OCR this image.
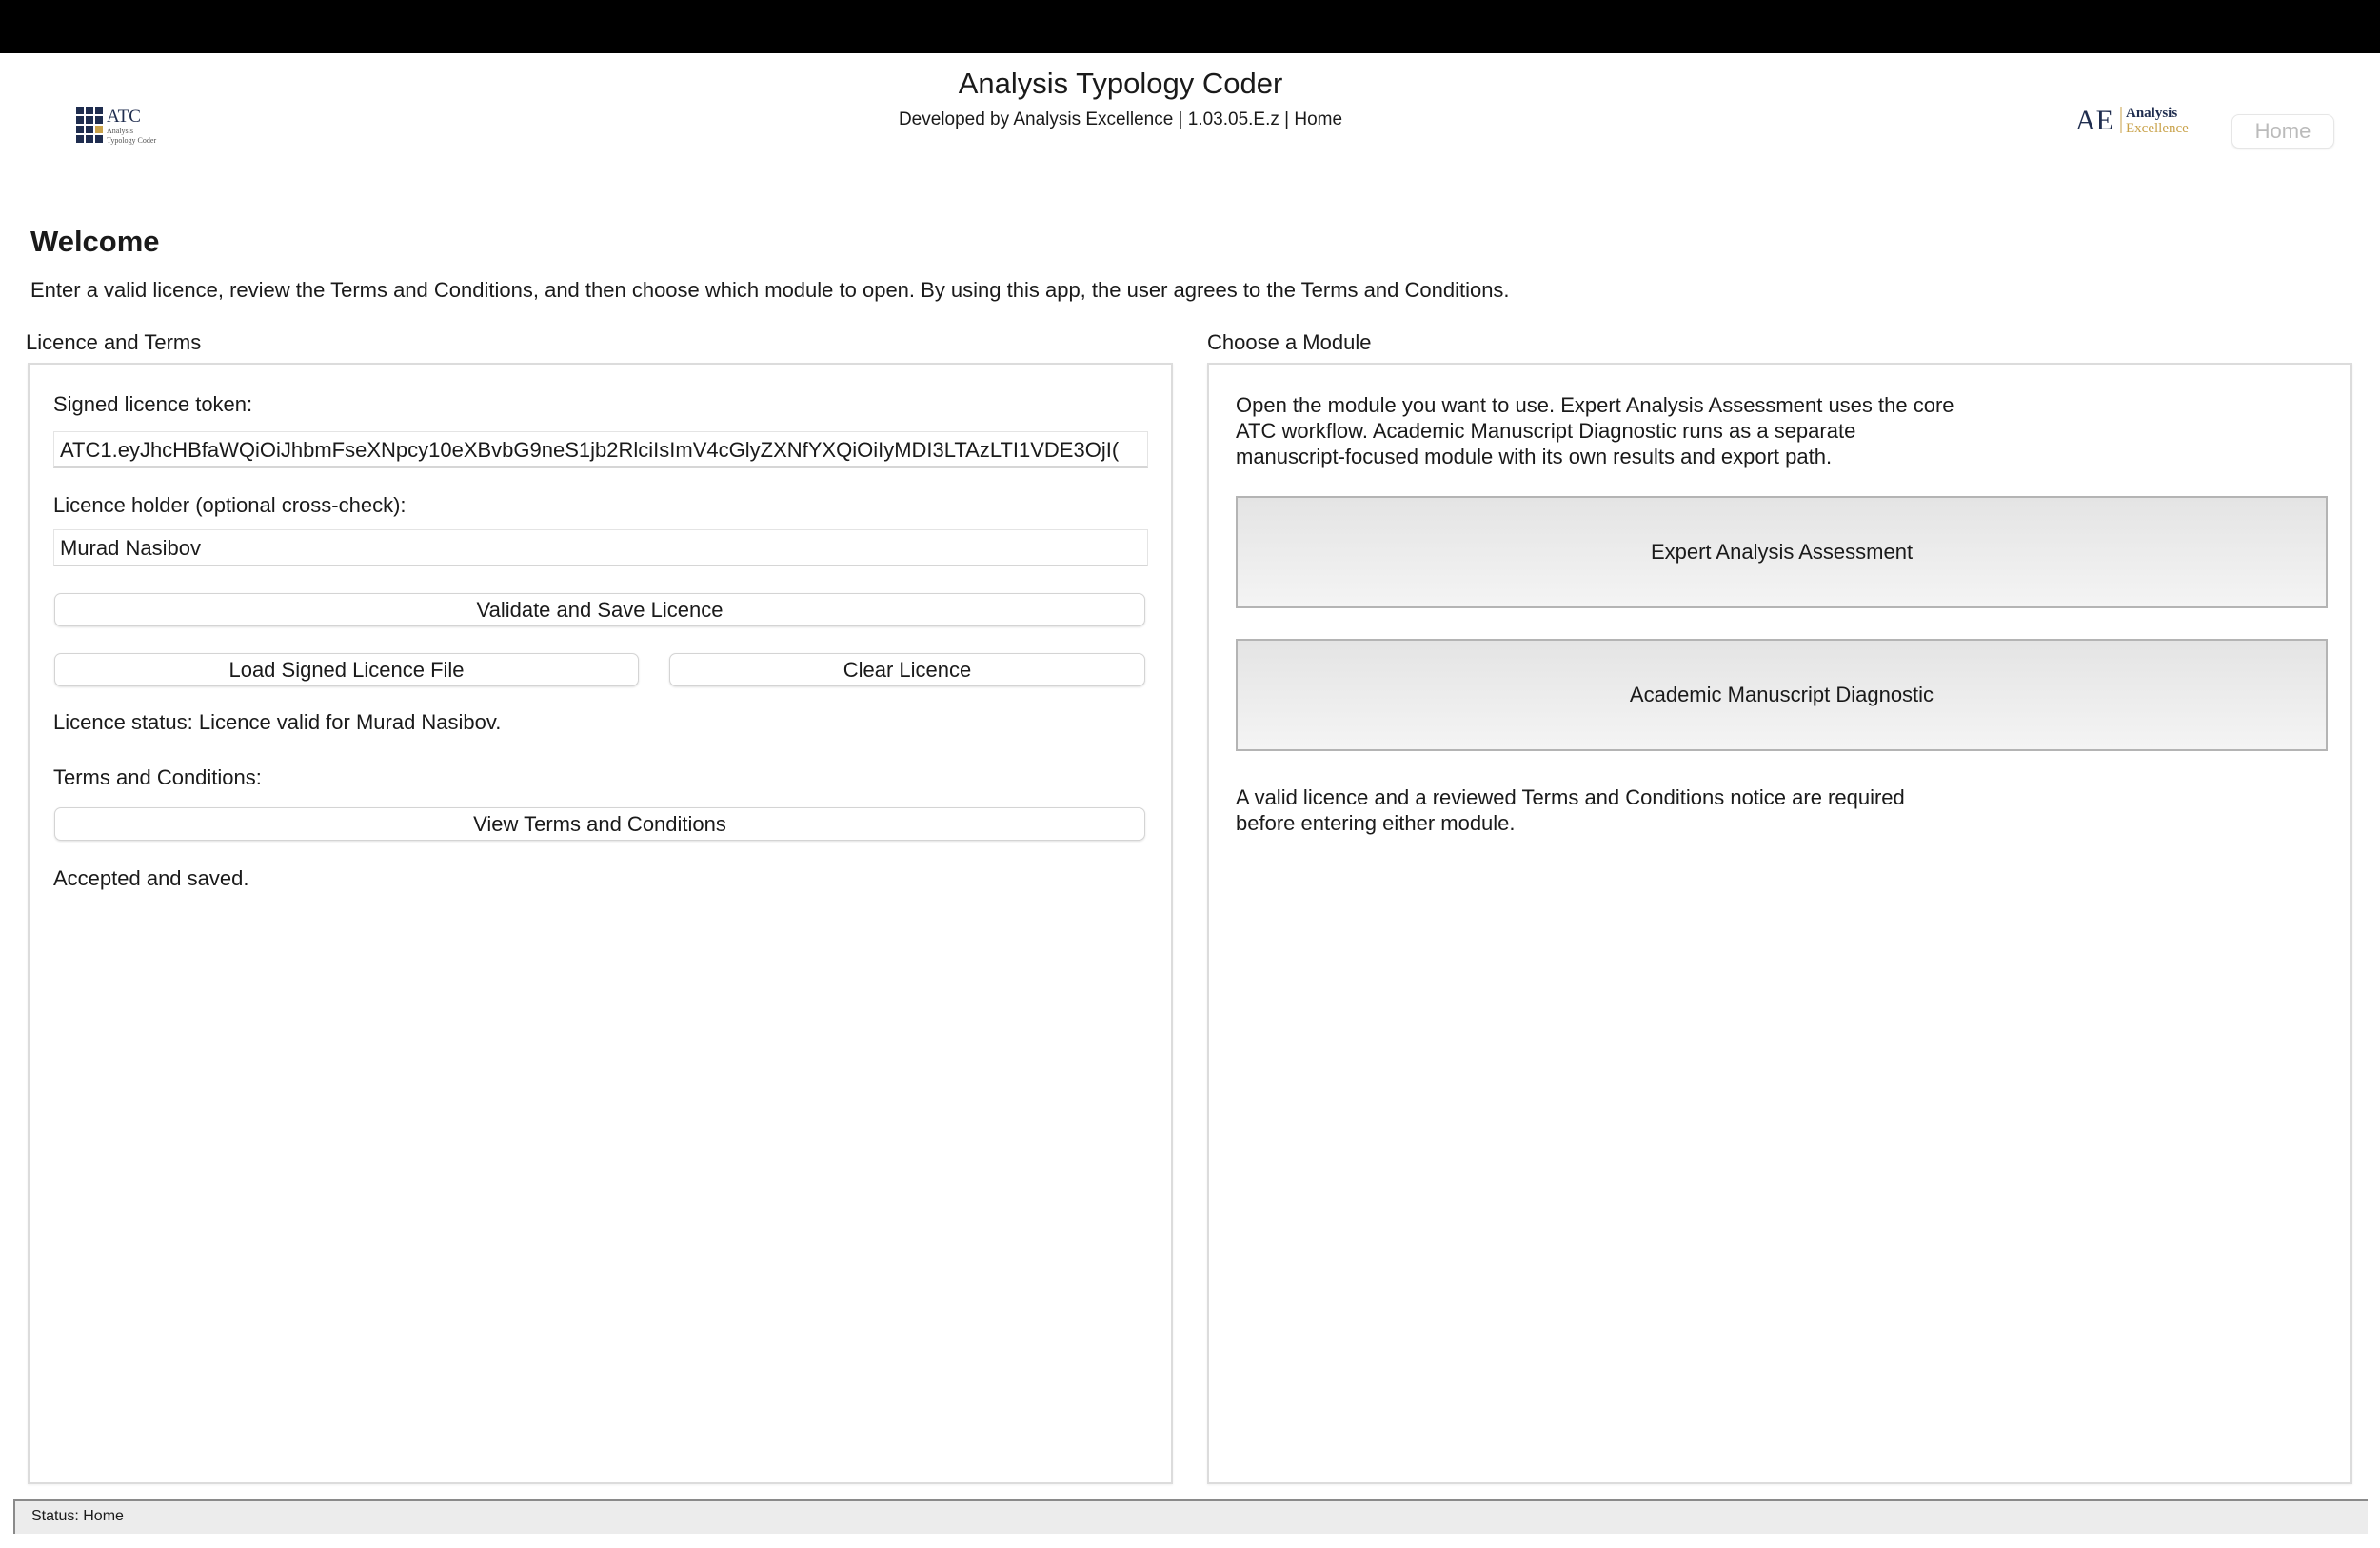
ATC
Analysis
Typology Coder
Analysis Typology Coder
Developed by Analysis Excellence | 1.03.05.E.z | Home	AE Analysis
Excellence	Home
Welcome
Enter a valid licence, review the Terms and Conditions, and then choose which module to open. By using this app, the user agrees to the Terms and Conditions.
Licence and Terms	Choose a Module
Signed licence token:
ATC1.eyJhcHBfaWQiOiJhbmFseXNpcy10eXBvbG9neS1jb2RlciIsImV4cGlyZXNfYXQiOiIyMDI3LTAzLTI1VDE3OjI(
Licence holder (optional cross-check):
Murad Nasibov
Validate and Save Licence
Load Signed Licence File	Clear Licence
Licence status: Licence valid for Murad Nasibov.
Terms and Conditions:
View Terms and Conditions
Accepted and saved.
Open the module you want to use. Expert Analysis Assessment uses the core ATC workflow. Academic Manuscript Diagnostic runs as a separate manuscript-focused module with its own results and export path.
Expert Analysis Assessment
Academic Manuscript Diagnostic
A valid licence and a reviewed Terms and Conditions notice are required before entering either module.
Status: Home
